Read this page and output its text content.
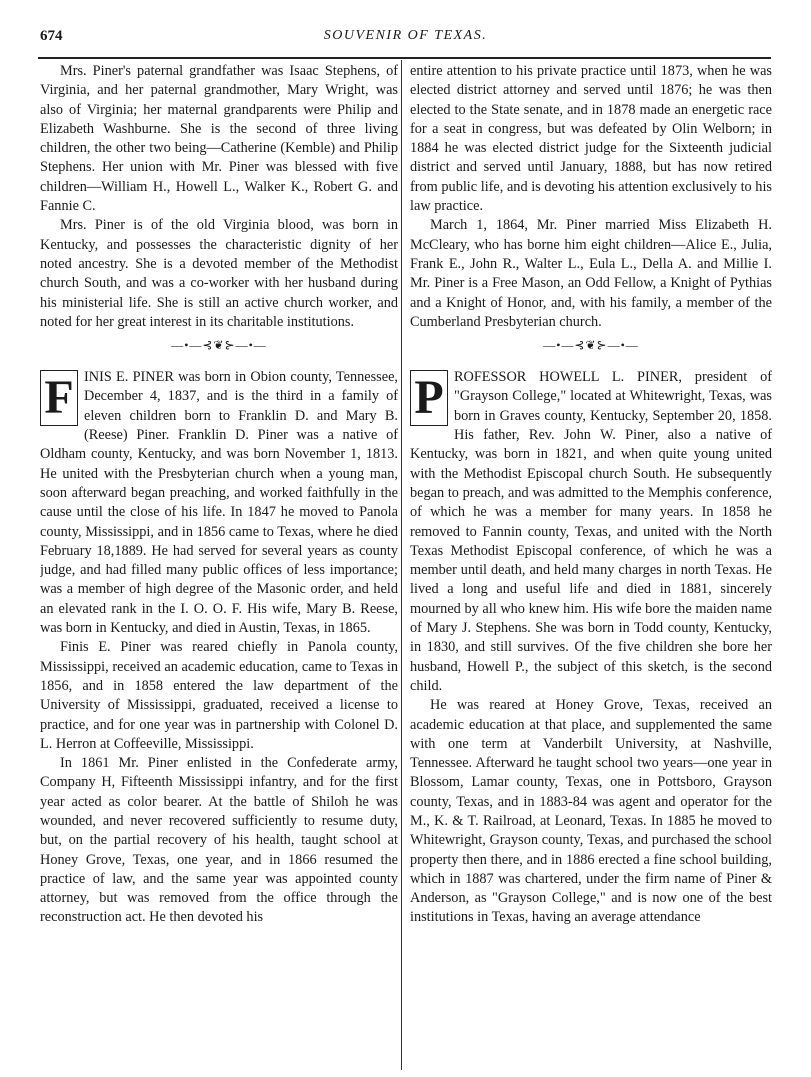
674	SOUVENIR OF TEXAS.

Mrs. Piner's paternal grandfather was Isaac Stephens, of Virginia, and her paternal grandmother, Mary Wright, was also of Virginia; her maternal grandparents were Philip and Elizabeth Washburne. She is the second of three living children, the other two being—Catherine (Kemble) and Philip Stephens. Her union with Mr. Piner was blessed with five children—William H., Howell L., Walker K., Robert G. and Fannie C.

Mrs. Piner is of the old Virginia blood, was born in Kentucky, and possesses the characteristic dignity of her noted ancestry. She is a devoted member of the Methodist church South, and was a co-worker with her husband during his ministerial life. She is still an active church worker, and noted for her great interest in its charitable institutions.

—•—⊰❦⊱—•—

F INIS E. PINER was born in Obion county, Tennessee, December 4, 1837, and is the third in a family of eleven children born to Franklin D. and Mary B. (Reese) Piner. Franklin D. Piner was a native of Oldham county, Kentucky, and was born November 1, 1813. He united with the Presbyterian church when a young man, soon afterward began preaching, and worked faithfully in the cause until the close of his life. In 1847 he moved to Panola county, Mississippi, and in 1856 came to Texas, where he died February 18,1889. He had served for several years as county judge, and had filled many public offices of less importance; was a member of high degree of the Masonic order, and held an elevated rank in the I. O. O. F. His wife, Mary B. Reese, was born in Kentucky, and died in Austin, Texas, in 1865.

Finis E. Piner was reared chiefly in Panola county, Mississippi, received an academic education, came to Texas in 1856, and in 1858 entered the law department of the University of Mississippi, graduated, received a license to practice, and for one year was in partnership with Colonel D. L. Herron at Coffeeville, Mississippi.

In 1861 Mr. Piner enlisted in the Confederate army, Company H, Fifteenth Mississippi infantry, and for the first year acted as color bearer. At the battle of Shiloh he was wounded, and never recovered sufficiently to resume duty, but, on the partial recovery of his health, taught school at Honey Grove, Texas, one year, and in 1866 resumed the practice of law, and the same year was appointed county attorney, but was removed from the office through the reconstruction act. He then devoted his

entire attention to his private practice until 1873, when he was elected district attorney and served until 1876; he was then elected to the State senate, and in 1878 made an energetic race for a seat in congress, but was defeated by Olin Welborn; in 1884 he was elected district judge for the Sixteenth judicial district and served until January, 1888, but has now retired from public life, and is devoting his attention exclusively to his law practice.

March 1, 1864, Mr. Piner married Miss Elizabeth H. McCleary, who has borne him eight children—Alice E., Julia, Frank E., John R., Walter L., Eula L., Della A. and Millie I. Mr. Piner is a Free Mason, an Odd Fellow, a Knight of Pythias and a Knight of Honor, and, with his family, a member of the Cumberland Presbyterian church.

—•—⊰❦⊱—•—

P ROFESSOR HOWELL L. PINER, president of "Grayson College," located at Whitewright, Texas, was born in Graves county, Kentucky, September 20, 1858. His father, Rev. John W. Piner, also a native of Kentucky, was born in 1821, and when quite young united with the Methodist Episcopal church South. He subsequently began to preach, and was admitted to the Memphis conference, of which he was a member for many years. In 1858 he removed to Fannin county, Texas, and united with the North Texas Methodist Episcopal conference, of which he was a member until death, and held many charges in north Texas. He lived a long and useful life and died in 1881, sincerely mourned by all who knew him. His wife bore the maiden name of Mary J. Stephens. She was born in Todd county, Kentucky, in 1830, and still survives. Of the five children she bore her husband, Howell P., the subject of this sketch, is the second child.

He was reared at Honey Grove, Texas, received an academic education at that place, and supplemented the same with one term at Vanderbilt University, at Nashville, Tennessee. Afterward he taught school two years—one year in Blossom, Lamar county, Texas, one in Pottsboro, Grayson county, Texas, and in 1883-84 was agent and operator for the M., K. & T. Railroad, at Leonard, Texas. In 1885 he moved to Whitewright, Grayson county, Texas, and purchased the school property then there, and in 1886 erected a fine school building, which in 1887 was chartered, under the firm name of Piner & Anderson, as "Grayson College," and is now one of the best institutions in Texas, having an average attendance
